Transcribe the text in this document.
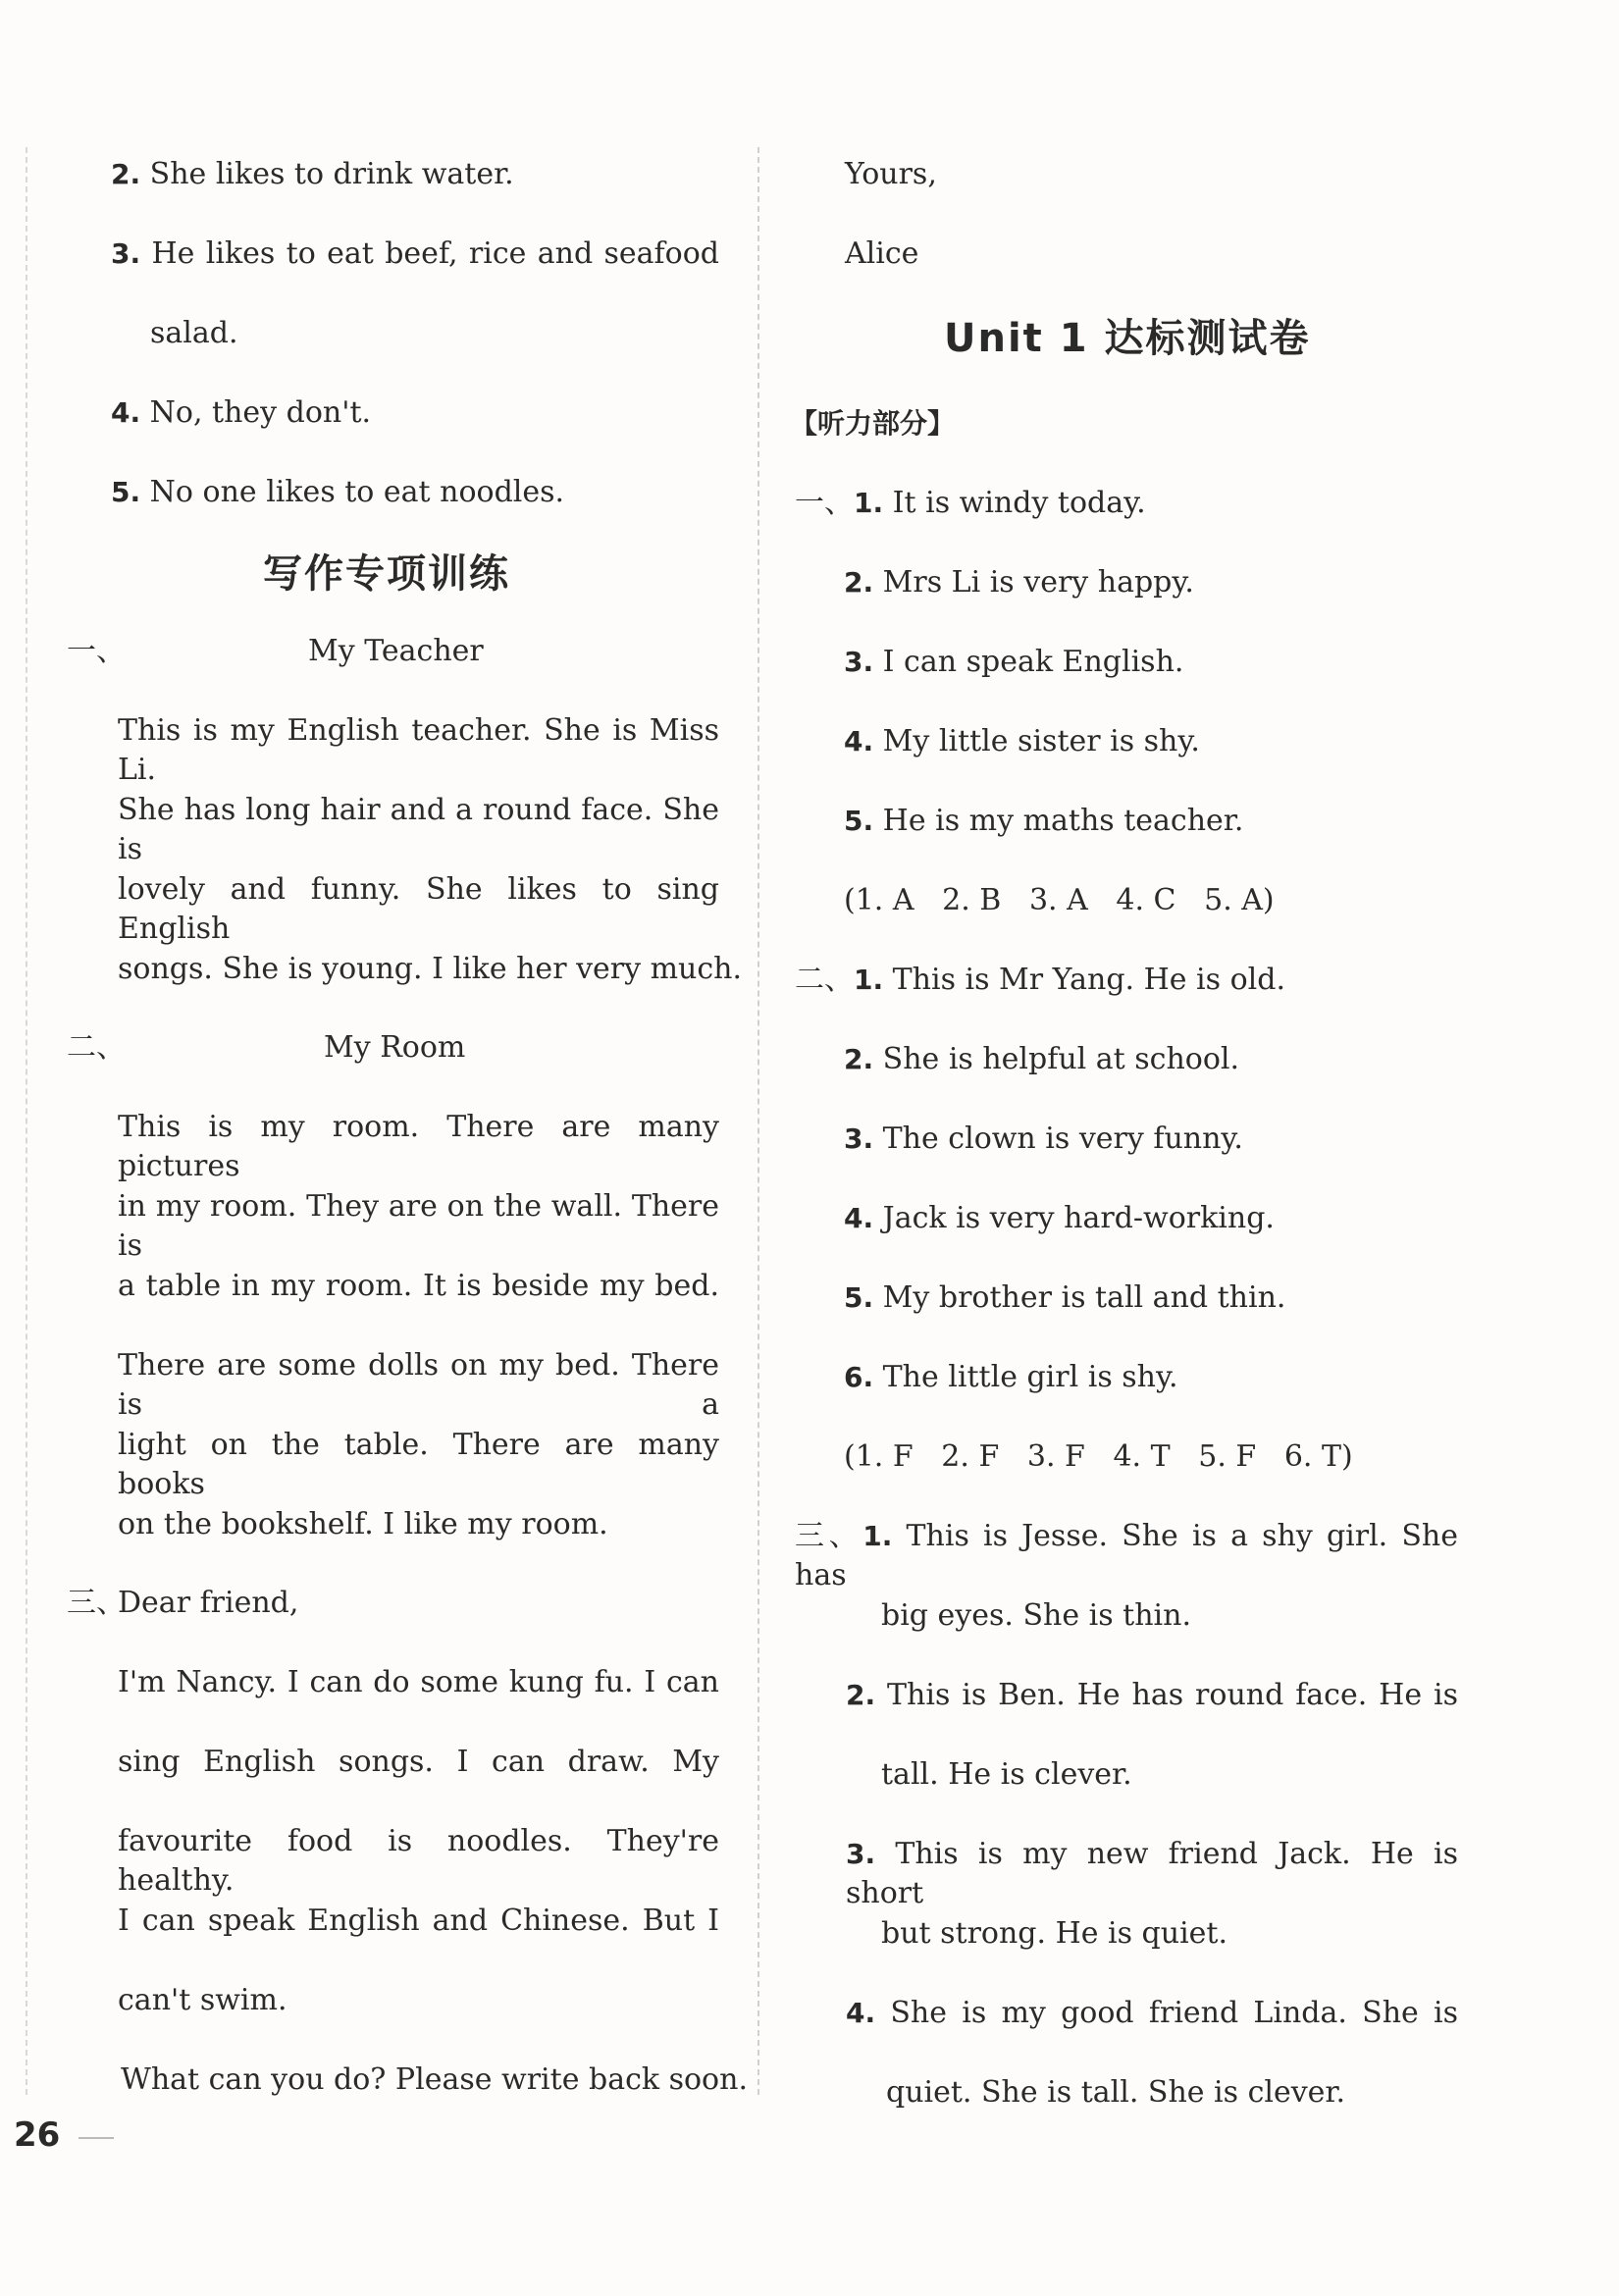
2. She likes to drink water.
3. He likes to eat beef, rice and seafood
salad.
4. No, they don't.
5. No one likes to eat noodles.
写作专项训练
一、	My Teacher
This is my English teacher. She is Miss Li.
She has long hair and a round face. She is
lovely and funny. She likes to sing English
songs. She is young. I like her very much.
二、	My Room
This is my room. There are many pictures
in my room. They are on the wall. There is
a table in my room. It is beside my bed.
There are some dolls on my bed. There is a
light on the table. There are many books
on the bookshelf. I like my room.
三、
Dear friend,
I'm Nancy. I can do some kung fu. I can
sing English songs. I can draw. My
favourite food is noodles. They're healthy.
I can speak English and Chinese. But I
can't swim.
What can you do? Please write back soon.
Yours,
Alice
Unit 1 达标测试卷
【听力部分】
一、1. It is windy today.
2. Mrs Li is very happy.
3. I can speak English.
4. My little sister is shy.
5. He is my maths teacher.
(1. A   2. B   3. A   4. C   5. A)
二、1. This is Mr Yang. He is old.
2. She is helpful at school.
3. The clown is very funny.
4. Jack is very hard-working.
5. My brother is tall and thin.
6. The little girl is shy.
(1. F   2. F   3. F   4. T   5. F   6. T)
三、1. This is Jesse. She is a shy girl. She has
big eyes. She is thin.
2. This is Ben. He has round face. He is
tall. He is clever.
3. This is my new friend Jack. He is short
but strong. He is quiet.
4. She is my good friend Linda. She is
quiet. She is tall. She is clever.
26
